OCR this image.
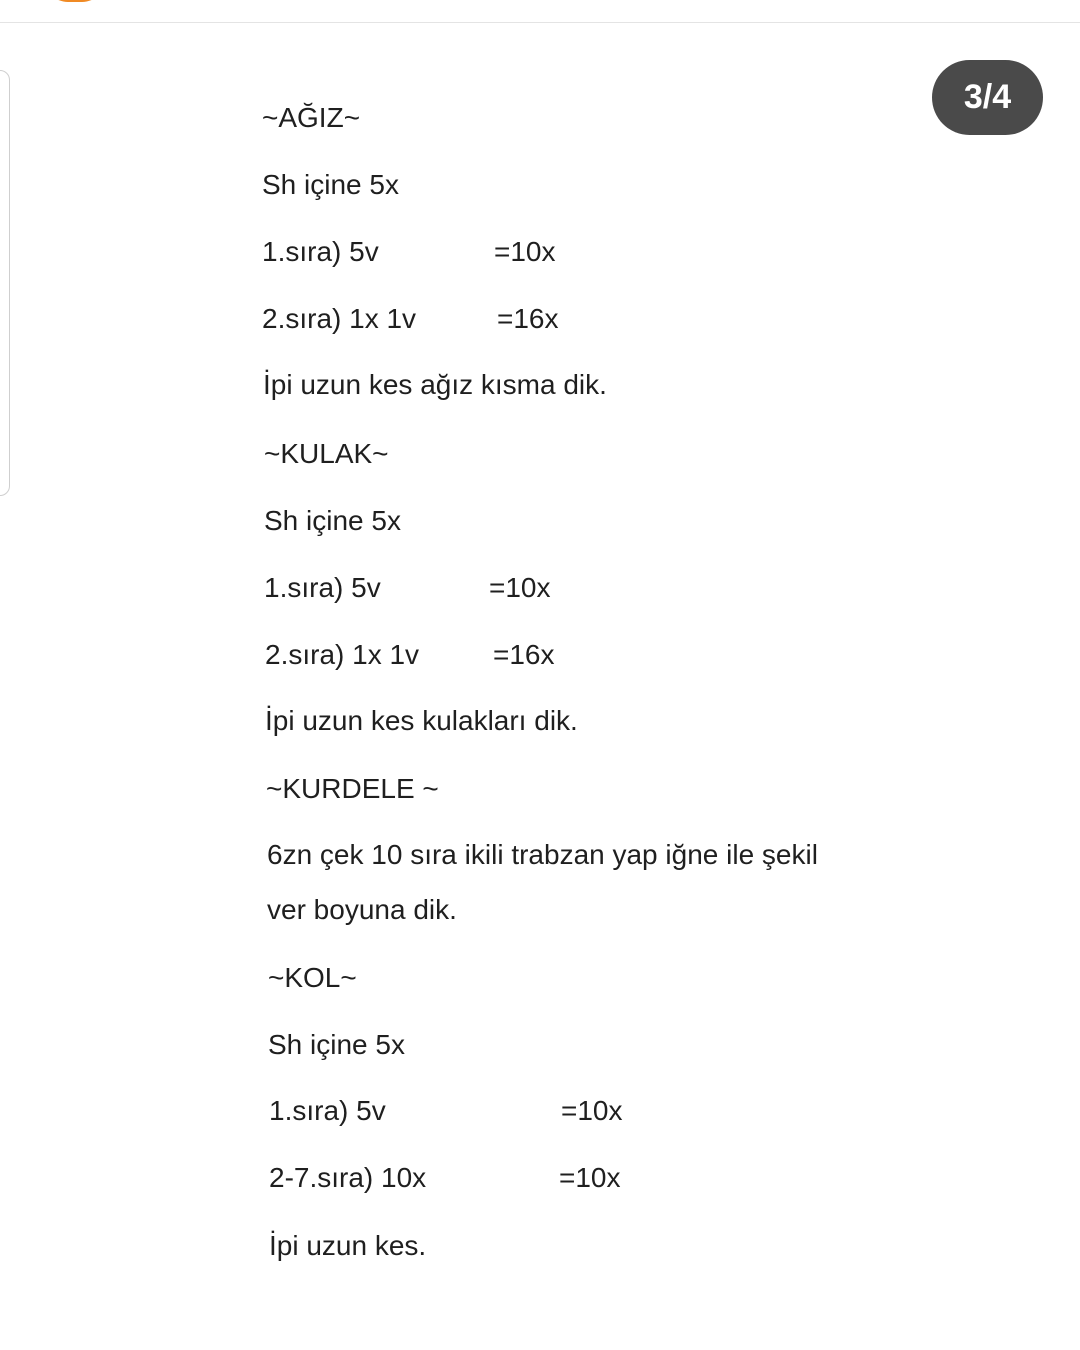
3/4
~AĞIZ~
Sh içine 5x
1.sıra) 5v	=10x
2.sıra) 1x 1v	=16x
İpi uzun kes ağız kısma dik.
~KULAK~
Sh içine 5x
1.sıra) 5v	=10x
2.sıra) 1x 1v	=16x
İpi uzun kes kulakları dik.
~KURDELE ~
6zn çek 10 sıra ikili trabzan yap iğne ile şekil
ver boyuna dik.
~KOL~
Sh içine 5x
1.sıra) 5v	=10x
2-7.sıra) 10x	=10x
İpi uzun kes.
